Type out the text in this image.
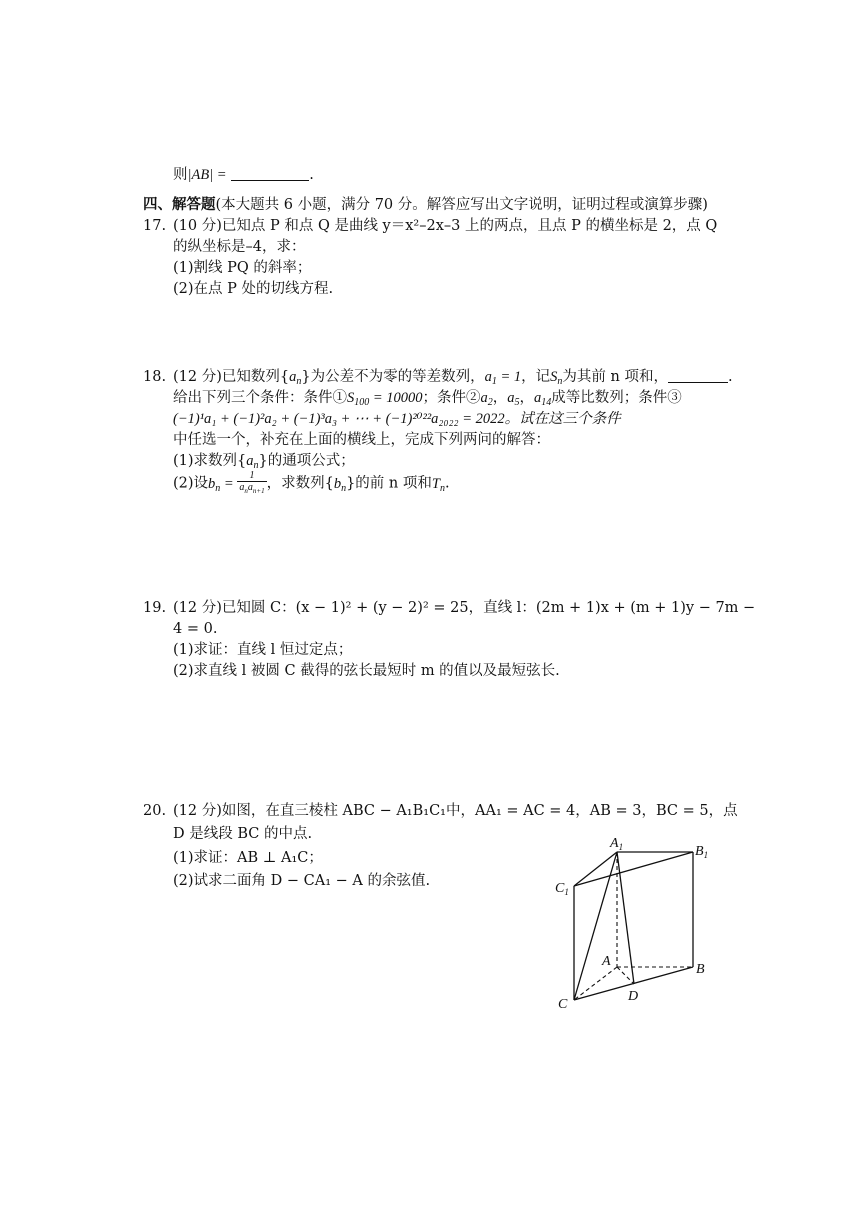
则|AB| =	.
四、解答题(本大题共 6 小题，满分 70 分。解答应写出文字说明，证明过程或演算步骤)
17. (10 分)已知点 P 和点 Q 是曲线 y＝x²–2x–3 上的两点，且点 P 的横坐标是 2，点 Q
的纵坐标是–4，求：
(1)割线 PQ 的斜率；
(2)在点 P 处的切线方程.
18. (12 分)已知数列$\{a_n\}$为公差不为零的等差数列，$a_1 = 1$，记$S_n$为其前 n 项和，	.
给出下列三个条件：条件$①S_{100} = 10000$；条件$②a_2$，$a_5$，$a_{14}$成等比数列；条件③
(−1)¹a₁ + (−1)²a₂ + (−1)³a₃ + ⋯ + (−1)²⁰²²a₂₀₂₂ = 2022。试在这三个条件
中任选一个，补充在上面的横线上，完成下列两问的解答：
(1)求数列$\{a_n\}$的通项公式；
(2)设$b_n = \frac{1}{a_na_{n+1}}$ ，求数列$\{b_n\}$的前 n 项和$T_n$.
19. (12 分)已知圆 C：(x − 1)² + (y − 2)² = 25，直线 l：(2m + 1)x + (m + 1)y − 7m −
4 = 0.
(1)求证：直线 l 恒过定点；
(2)求直线 l 被圆 C 截得的弦长最短时 m 的值以及最短弦长.
20. (12 分)如图，在直三棱柱 ABC − A₁B₁C₁中，AA₁ = AC = 4，AB = 3，BC = 5，点
D 是线段 BC 的中点.
(1)求证：AB ⊥ A₁C；
(2)试求二面角 D − CA₁ − A 的余弦值.
$A_1$	$B_1$
$C_1$
A
B
C
D
